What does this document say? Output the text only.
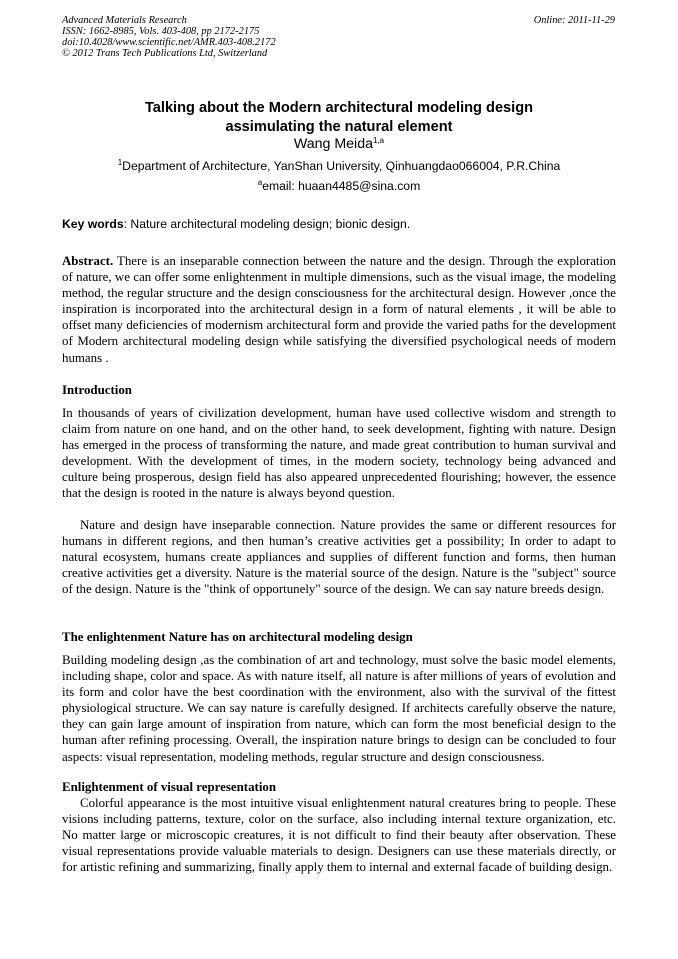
Advanced Materials Research
ISSN: 1662-8985, Vols. 403-408, pp 2172-2175
doi:10.4028/www.scientific.net/AMR.403-408.2172
© 2012 Trans Tech Publications Ltd, Switzerland
Online: 2011-11-29
Talking about the Modern architectural modeling design
assimulating the natural element
Wang Meida$^{1,a}$
$^1$Department of Architecture, YanShan University, Qinhuangdao066004, P.R.China
$^a$email: huaan4485@sina.com
Key words: Nature architectural modeling design; bionic design.

Abstract. There is an inseparable connection between the nature and the design. Through the exploration of nature, we can offer some enlightenment in multiple dimensions, such as the visual image, the modeling method, the regular structure and the design consciousness for the architectural design. However ,once the inspiration is incorporated into the architectural design in a form of natural elements , it will be able to offset many deficiencies of modernism architectural form and provide the varied paths for the development of Modern architectural modeling design while satisfying the diversified psychological needs of modern humans .

Introduction

In thousands of years of civilization development, human have used collective wisdom and strength to claim from nature on one hand, and on the other hand, to seek development, fighting with nature. Design has emerged in the process of transforming the nature, and made great contribution to human survival and development. With the development of times, in the modern society, technology being advanced and culture being prosperous, design field has also appeared unprecedented flourishing; however, the essence that the design is rooted in the nature is always beyond question.

Nature and design have inseparable connection. Nature provides the same or different resources for humans in different regions, and then human’s creative activities get a possibility; In order to adapt to natural ecosystem, humans create appliances and supplies of different function and forms, then human creative activities get a diversity. Nature is the material source of the design. Nature is the "subject" source of the design. Nature is the "think of opportunely" source of the design. We can say nature breeds design.

The enlightenment Nature has on architectural modeling design

Building modeling design ,as the combination of art and technology, must solve the basic model elements, including shape, color and space. As with nature itself, all nature is after millions of years of evolution and its form and color have the best coordination with the environment, also with the survival of the fittest physiological structure. We can say nature is carefully designed. If architects carefully observe the nature, they can gain large amount of inspiration from nature, which can form the most beneficial design to the human after refining processing. Overall, the inspiration nature brings to design can be concluded to four aspects: visual representation, modeling methods, regular structure and design consciousness.

Enlightenment of visual representation

Colorful appearance is the most intuitive visual enlightenment natural creatures bring to people. These visions including patterns, texture, color on the surface, also including internal texture organization, etc. No matter large or microscopic creatures, it is not difficult to find their beauty after observation. These visual representations provide valuable materials to design. Designers can use these materials directly, or for artistic refining and summarizing, finally apply them to internal and external facade of building design.
